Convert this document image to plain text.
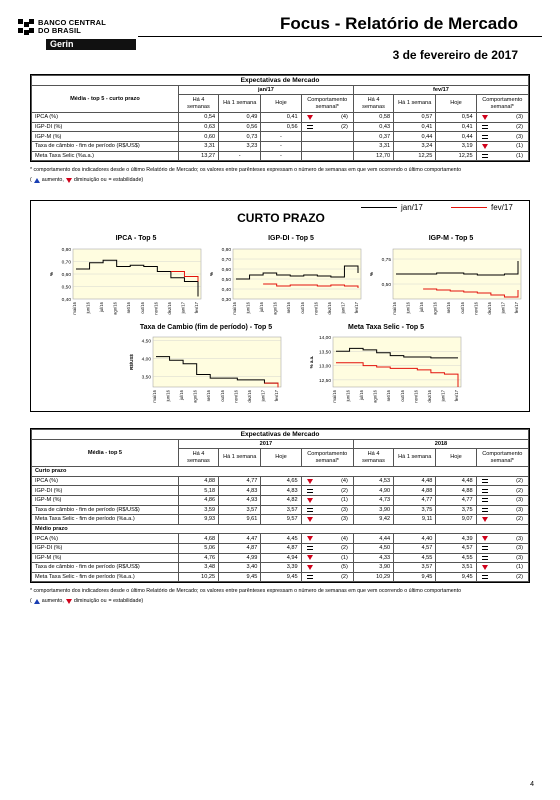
BANCO CENTRAL
DO BRASIL
Gerin
Focus - Relatório de Mercado
3 de fevereiro de 2017
Expectativas de Mercado								
Média - top 5 - curto prazo	jan/17				fev/17			
	Há 4 semanas	Há 1 semana	Hoje	Comportamento semanal*	Há 4 semanas	Há 1 semana	Hoje	Comportamento semanal*
IPCA (%)	0,54	0,49	0,41	(4)	0,58	0,57	0,54	(3)

IGP-DI (%)	0,63	0,56	0,56	(2)	0,43	0,41	0,41	(2)

IGP-M (%)	0,60	0,73	-		0,37	0,44	0,44	(3)

Taxa de câmbio - fim de período (R$/US$)	3,31	3,23	-		3,31	3,24	3,19	(1)

Meta Taxa Selic (%a.a.)	13,27	-	-		12,70	12,25	12,25	(1)
* comportamento dos indicadores desde o último Relatório de Mercado; os valores entre parênteses expressam o número de semanas em que vem ocorrendo o último comportamento
( aumento, diminuição ou = estabilidade)
jan/17	fev/17
CURTO PRAZO
IPCA - Top 5	IGP-DI - Top 5	IGP-M - Top 5
Taxa de Cambio (fim de período) - Top 5	Meta Taxa Selic - Top 5
0,80
0,70
0,60
0,50
0,40
%
mai/16 jun/16 jul/16 ago/16 set/16 out/16 nov/16 dez/16 jan/17 fev/17
0,80
0,70
0,60
0,50
0,40
0,30
%
mai/16 jun/16 jul/16 ago/16 set/16 out/16 nov/16 dez/16 jan/17 fev/17
0,75
0,50
%
mai/16 jun/16 jul/16 ago/16 set/16 out/16 nov/16 dez/16 jan/17 fev/17
4,50
4,00
3,50
R$/US$
mai/16 jun/16 jul/16 ago/16 set/16 out/16 nov/16 dez/16 jan/17 fev/17
14,00
13,50
13,00
12,50
% a.a.
mai/16 jun/16 jul/16 ago/16 set/16 out/16 nov/16 dez/16 jan/17 fev/17
Expectativas de Mercado								
Média - top 5	2017				2018			
	Há 4 semanas	Há 1 semana	Hoje	Comportamento semanal*	Há 4 semanas	Há 1 semana	Hoje	Comportamento semanal*
Curto prazo								
IPCA (%)	4,88	4,77	4,65	(4)	4,53	4,48	4,48	(2)

IGP-DI (%)	5,18	4,83	4,83	(2)	4,90	4,88	4,88	(2)

IGP-M (%)	4,86	4,93	4,82	(1)	4,73	4,77	4,77	(3)

Taxa de câmbio - fim de período (R$/US$)	3,59	3,57	3,57	(3)	3,90	3,75	3,75	(3)

Meta Taxa Selic - fim de período (%a.a.)	9,93	9,61	9,57	(3)	9,42	9,11	9,07	(2)

Médio prazo								
IPCA (%)	4,68	4,47	4,45	(4)	4,44	4,40	4,39	(3)

IGP-DI (%)	5,06	4,87	4,87	(2)	4,50	4,57	4,57	(3)

IGP-M (%)	4,76	4,99	4,94	(1)	4,33	4,55	4,55	(3)

Taxa de câmbio - fim de período (R$/US$)	3,48	3,40	3,39	(5)	3,90	3,57	3,51	(1)

Meta Taxa Selic - fim de período (%a.a.)	10,25	9,45	9,45	(2)	10,29	9,45	9,45	(2)
* comportamento dos indicadores desde o último Relatório de Mercado; os valores entre parênteses expressam o número de semanas em que vem ocorrendo o último comportamento
( aumento, diminuição ou = estabilidade)
4
